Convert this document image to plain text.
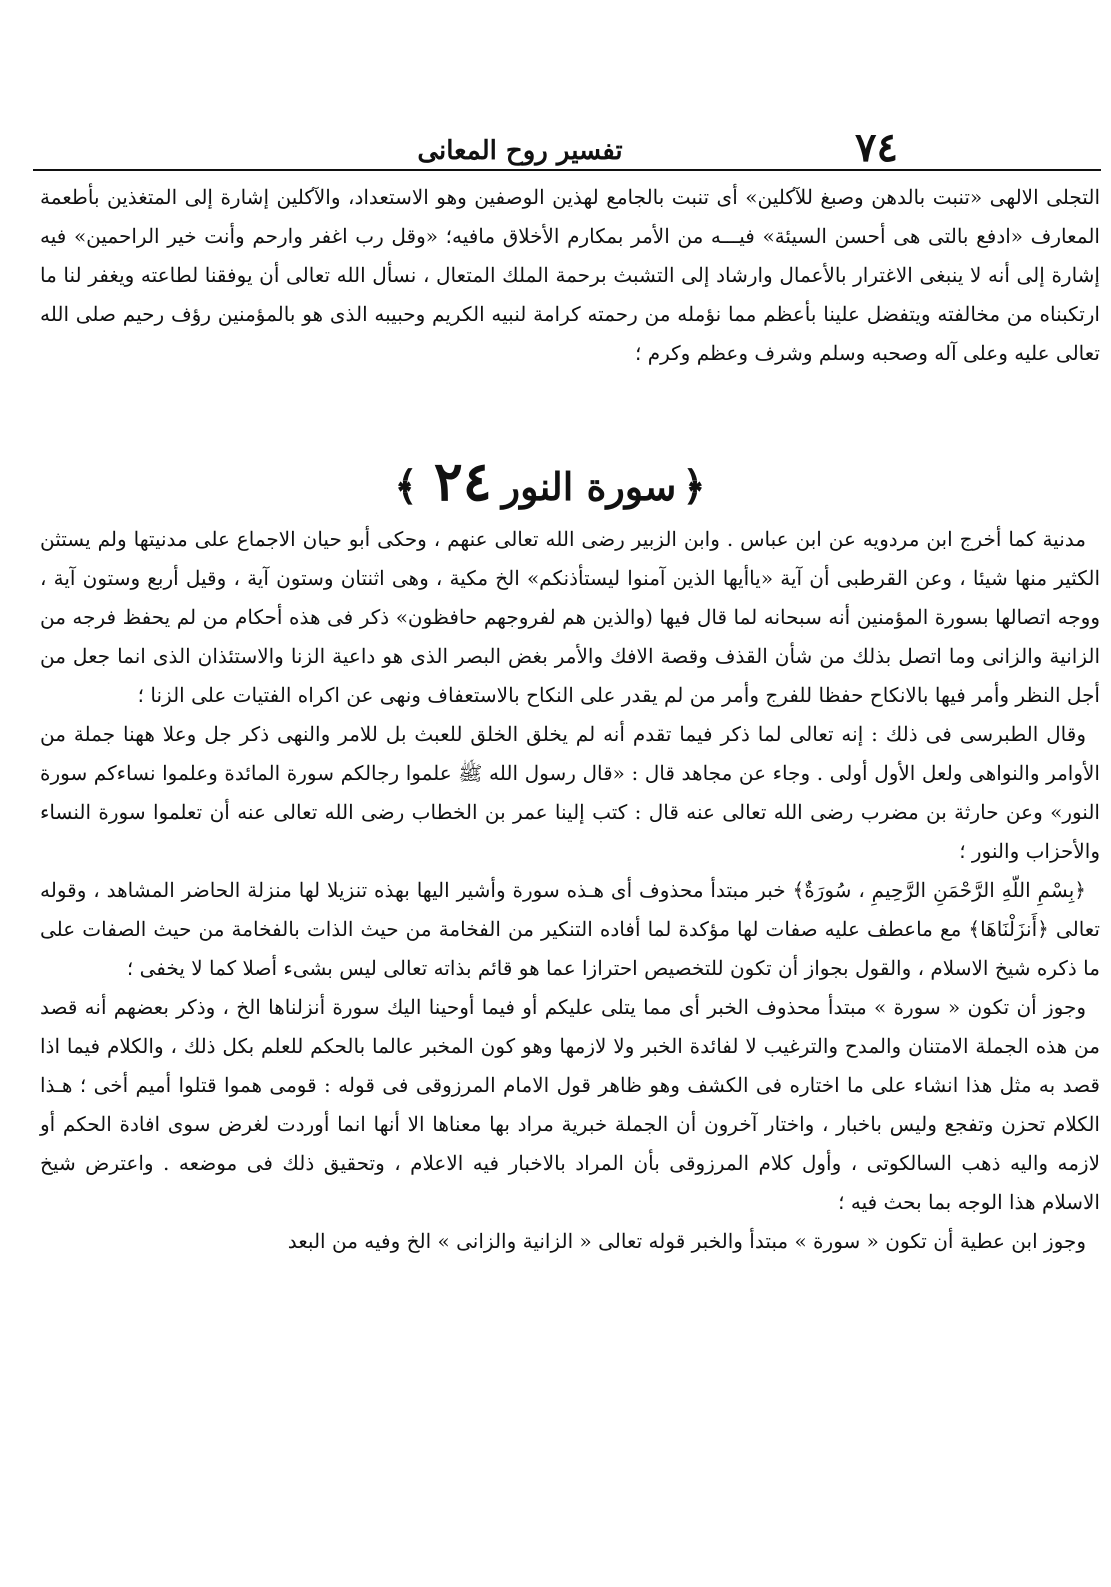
٧٤
تفسير روح المعانى

التجلى الالهى «تنبت بالدهن وصبغ للآكلين» أى تنبت بالجامع لهذين الوصفين وهو الاستعداد، والآكلين إشارة إلى المتغذين بأطعمة المعارف «ادفع بالتى هى أحسن السيئة» فيـــه من الأمر بمكارم الأخلاق مافيه؛ «وقل رب اغفر وارحم وأنت خير الراحمين» فيه إشارة إلى أنه لا ينبغى الاغترار بالأعمال وارشاد إلى التشبث برحمة الملك المتعال ، نسأل الله تعالى أن يوفقنا لطاعته ويغفر لنا ما ارتكبناه من مخالفته ويتفضل علينا بأعظم مما نؤمله من رحمته كرامة لنبيه الكريم وحبيبه الذى هو بالمؤمنين رؤف رحيم صلى الله تعالى عليه وعلى آله وصحبه وسلم وشرف وعظم وكرم ؛

﴿سورة النور٢٤﴾

مدنية كما أخرج ابن مردويه عن ابن عباس . وابن الزبير رضى الله تعالى عنهم ، وحكى أبو حيان الاجماع على مدنيتها ولم يستثن الكثير منها شيئا ، وعن القرطبى أن آية «ياأيها الذين آمنوا ليستأذنكم» الخ مكية ، وهى اثنتان وستون آية ، وقيل أربع وستون آية ، ووجه اتصالها بسورة المؤمنين أنه سبحانه لما قال فيها (والذين هم لفروجهم حافظون» ذكر فى هذه أحكام من لم يحفظ فرجه من الزانية والزانى وما اتصل بذلك من شأن القذف وقصة الافك والأمر بغض البصر الذى هو داعية الزنا والاستئذان الذى انما جعل من أجل النظر وأمر فيها بالانكاح حفظا للفرج وأمر من لم يقدر على النكاح بالاستعفاف ونهى عن اكراه الفتيات على الزنا ؛

وقال الطبرسى فى ذلك : إنه تعالى لما ذكر فيما تقدم أنه لم يخلق الخلق للعبث بل للامر والنهى ذكر جل وعلا ههنا جملة من الأوامر والنواهى ولعل الأول أولى . وجاء عن مجاهد قال : «قال رسول الله ﷺ علموا رجالكم سورة المائدة وعلموا نساءكم سورة النور» وعن حارثة بن مضرب رضى الله تعالى عنه قال : كتب إلينا عمر بن الخطاب رضى الله تعالى عنه أن تعلموا سورة النساء والأحزاب والنور ؛

﴿بِسْمِ اللّهِ الرَّحْمَنِ الرَّحِيمِ ، سُورَةٌ﴾ خبر مبتدأ محذوف أى هـذه سورة وأشير اليها بهذه تنزيلا لها منزلة الحاضر المشاهد ، وقوله تعالى ﴿أَنزَلْنَاهَا﴾ مع ماعطف عليه صفات لها مؤكدة لما أفاده التنكير من الفخامة من حيث الذات بالفخامة من حيث الصفات على ما ذكره شيخ الاسلام ، والقول بجواز أن تكون للتخصيص احترازا عما هو قائم بذاته تعالى ليس بشىء أصلا كما لا يخفى ؛

وجوز أن تكون « سورة » مبتدأ محذوف الخبر أى مما يتلى عليكم أو فيما أوحينا اليك سورة أنزلناها الخ ، وذكر بعضهم أنه قصد من هذه الجملة الامتنان والمدح والترغيب لا لفائدة الخبر ولا لازمها وهو كون المخبر عالما بالحكم للعلم بكل ذلك ، والكلام فيما اذا قصد به مثل هذا انشاء على ما اختاره فى الكشف وهو ظاهر قول الامام المرزوقى فى قوله : قومى هموا قتلوا أميم أخى ؛ هـذا الكلام تحزن وتفجع وليس باخبار ، واختار آخرون أن الجملة خبرية مراد بها معناها الا أنها انما أوردت لغرض سوى افادة الحكم أو لازمه واليه ذهب السالكوتى ، وأول كلام المرزوقى بأن المراد بالاخبار فيه الاعلام ، وتحقيق ذلك فى موضعه . واعترض شيخ الاسلام هذا الوجه بما بحث فيه ؛

وجوز ابن عطية أن تكون « سورة » مبتدأ والخبر قوله تعالى « الزانية والزانى » الخ وفيه من البعد
